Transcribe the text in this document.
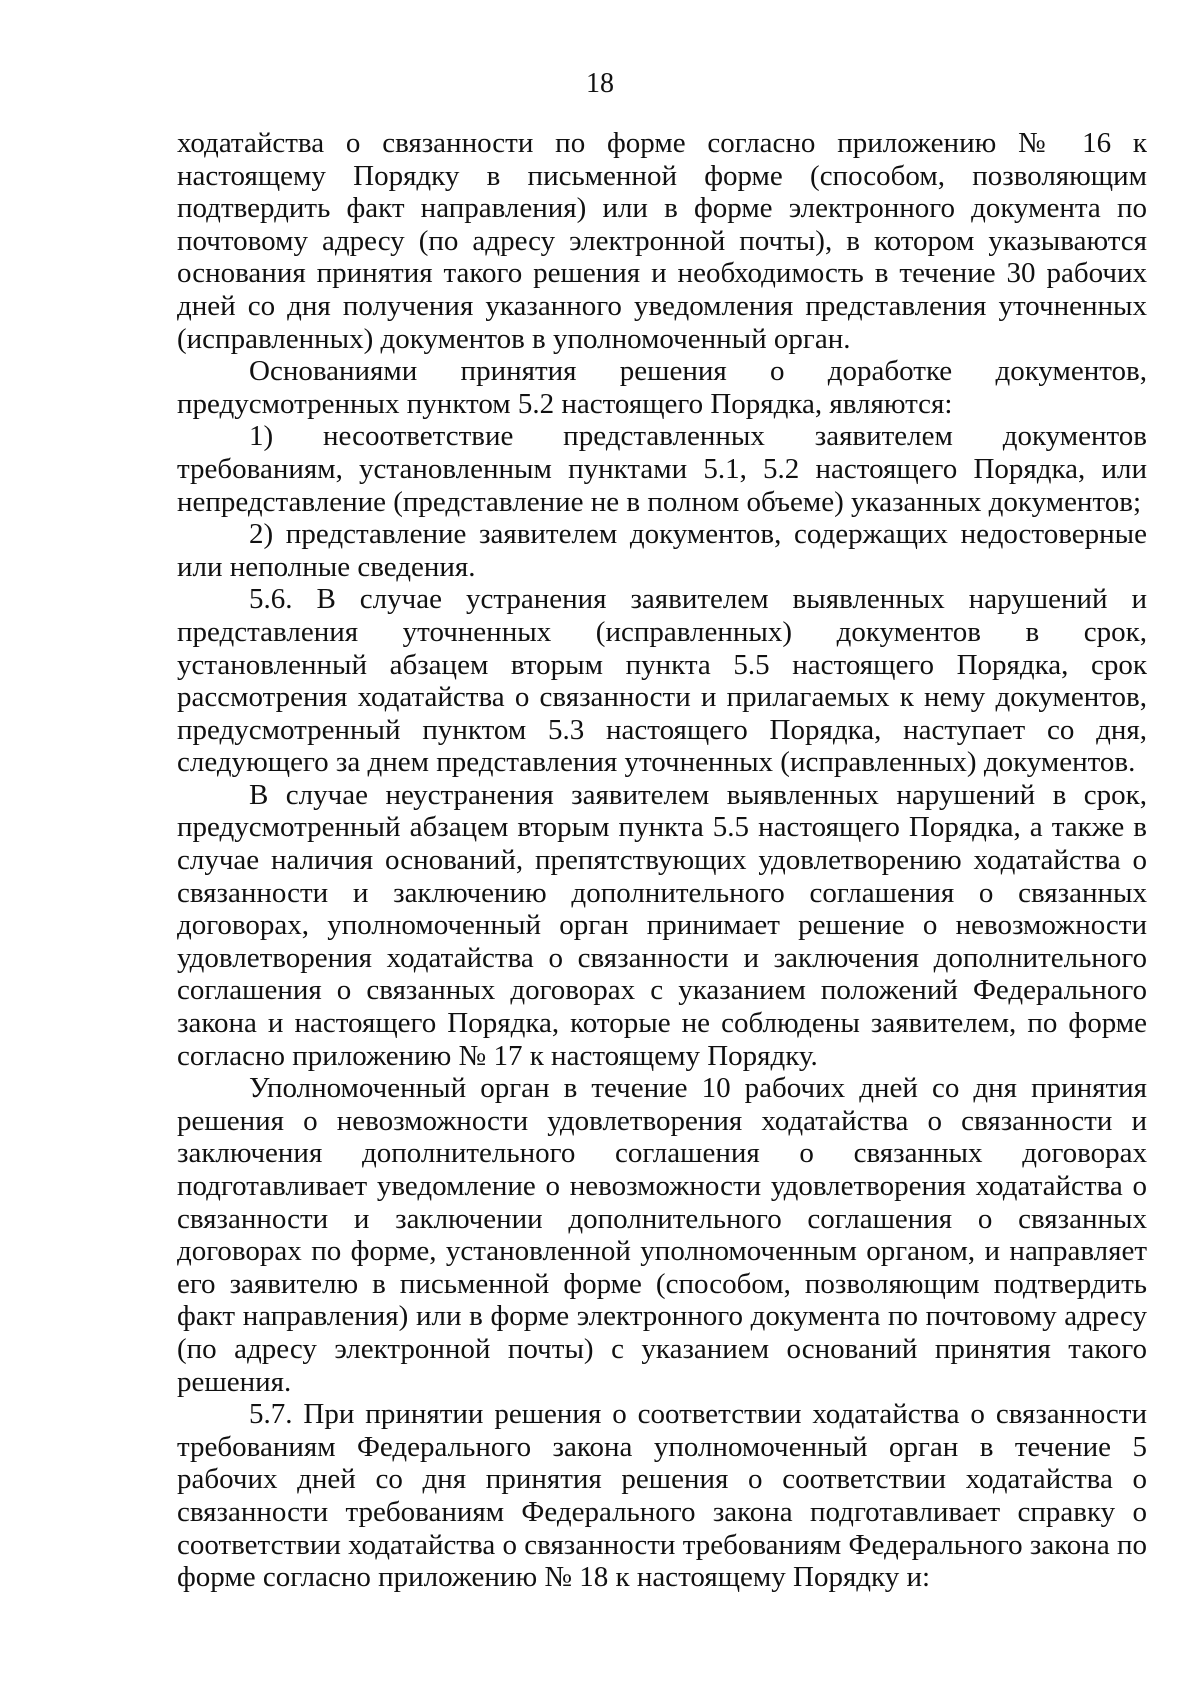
18

ходатайства о связанности по форме согласно приложению № 16 к настоящему Порядку в письменной форме (способом, позволяющим подтвердить факт направления) или в форме электронного документа по почтовому адресу (по адресу электронной почты), в котором указываются основания принятия такого решения и необходимость в течение 30 рабочих дней со дня получения указанного уведомления представления уточненных (исправленных) документов в уполномоченный орган.

Основаниями принятия решения о доработке документов, предусмотренных пунктом 5.2 настоящего Порядка, являются:

1) несоответствие представленных заявителем документов требованиям, установленным пунктами 5.1, 5.2 настоящего Порядка, или непредставление (представление не в полном объеме) указанных документов;

2) представление заявителем документов, содержащих недостоверные или неполные сведения.

5.6. В случае устранения заявителем выявленных нарушений и представления уточненных (исправленных) документов в срок, установленный абзацем вторым пункта 5.5 настоящего Порядка, срок рассмотрения ходатайства о связанности и прилагаемых к нему документов, предусмотренный пунктом 5.3 настоящего Порядка, наступает со дня, следующего за днем представления уточненных (исправленных) документов.

В случае неустранения заявителем выявленных нарушений в срок, предусмотренный абзацем вторым пункта 5.5 настоящего Порядка, а также в случае наличия оснований, препятствующих удовлетворению ходатайства о связанности и заключению дополнительного соглашения о связанных договорах, уполномоченный орган принимает решение о невозможности удовлетворения ходатайства о связанности и заключения дополнительного соглашения о связанных договорах с указанием положений Федерального закона и настоящего Порядка, которые не соблюдены заявителем, по форме согласно приложению № 17 к настоящему Порядку.

Уполномоченный орган в течение 10 рабочих дней со дня принятия решения о невозможности удовлетворения ходатайства о связанности и заключения дополнительного соглашения о связанных договорах подготавливает уведомление о невозможности удовлетворения ходатайства о связанности и заключении дополнительного соглашения о связанных договорах по форме, установленной уполномоченным органом, и направляет его заявителю в письменной форме (способом, позволяющим подтвердить факт направления) или в форме электронного документа по почтовому адресу (по адресу электронной почты) с указанием оснований принятия такого решения.

5.7. При принятии решения о соответствии ходатайства о связанности требованиям Федерального закона уполномоченный орган в течение 5 рабочих дней со дня принятия решения о соответствии ходатайства о связанности требованиям Федерального закона подготавливает справку о соответствии ходатайства о связанности требованиям Федерального закона по форме согласно приложению № 18 к настоящему Порядку и:
